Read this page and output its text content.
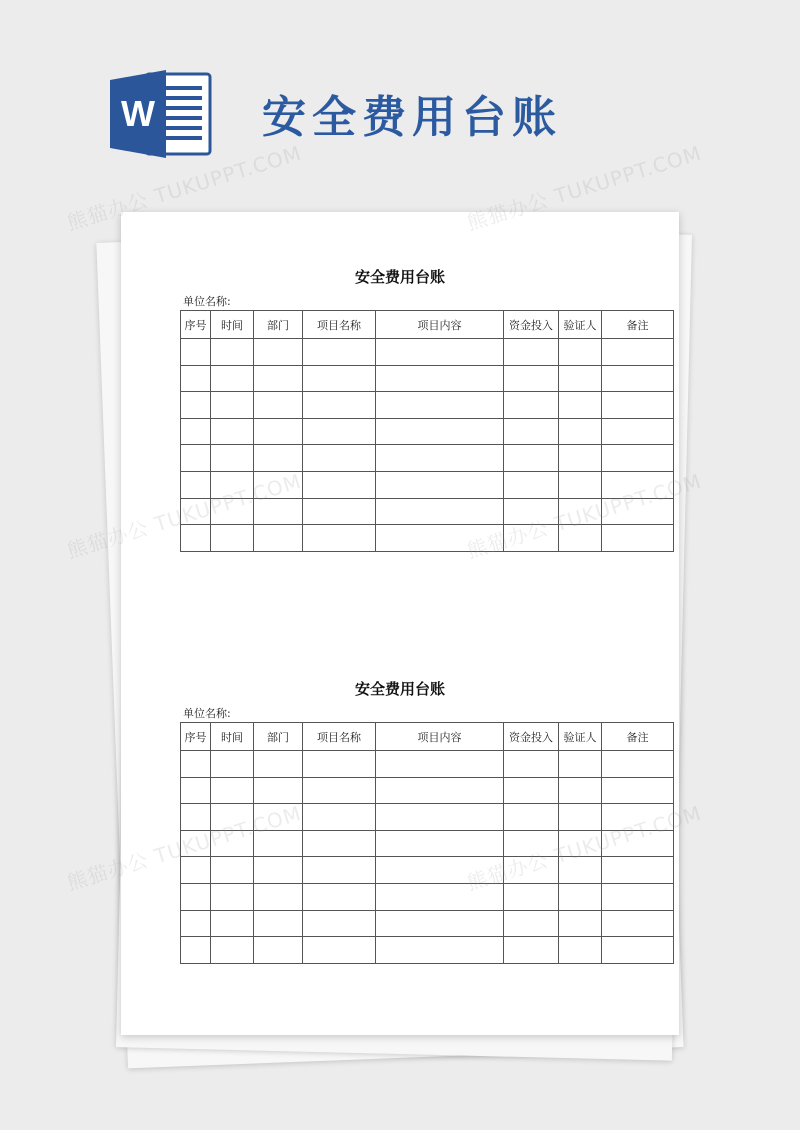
W 安全费用台账
安全费用台账
单位名称:
序号	时间	部门	项目名称	项目内容	资金投入	验证人	备注

安全费用台账
单位名称:
序号	时间	部门	项目名称	项目内容	资金投入	验证人	备注

熊猫办公 TUKUPPT.COM	熊猫办公 TUKUPPT.COM
熊猫办公
